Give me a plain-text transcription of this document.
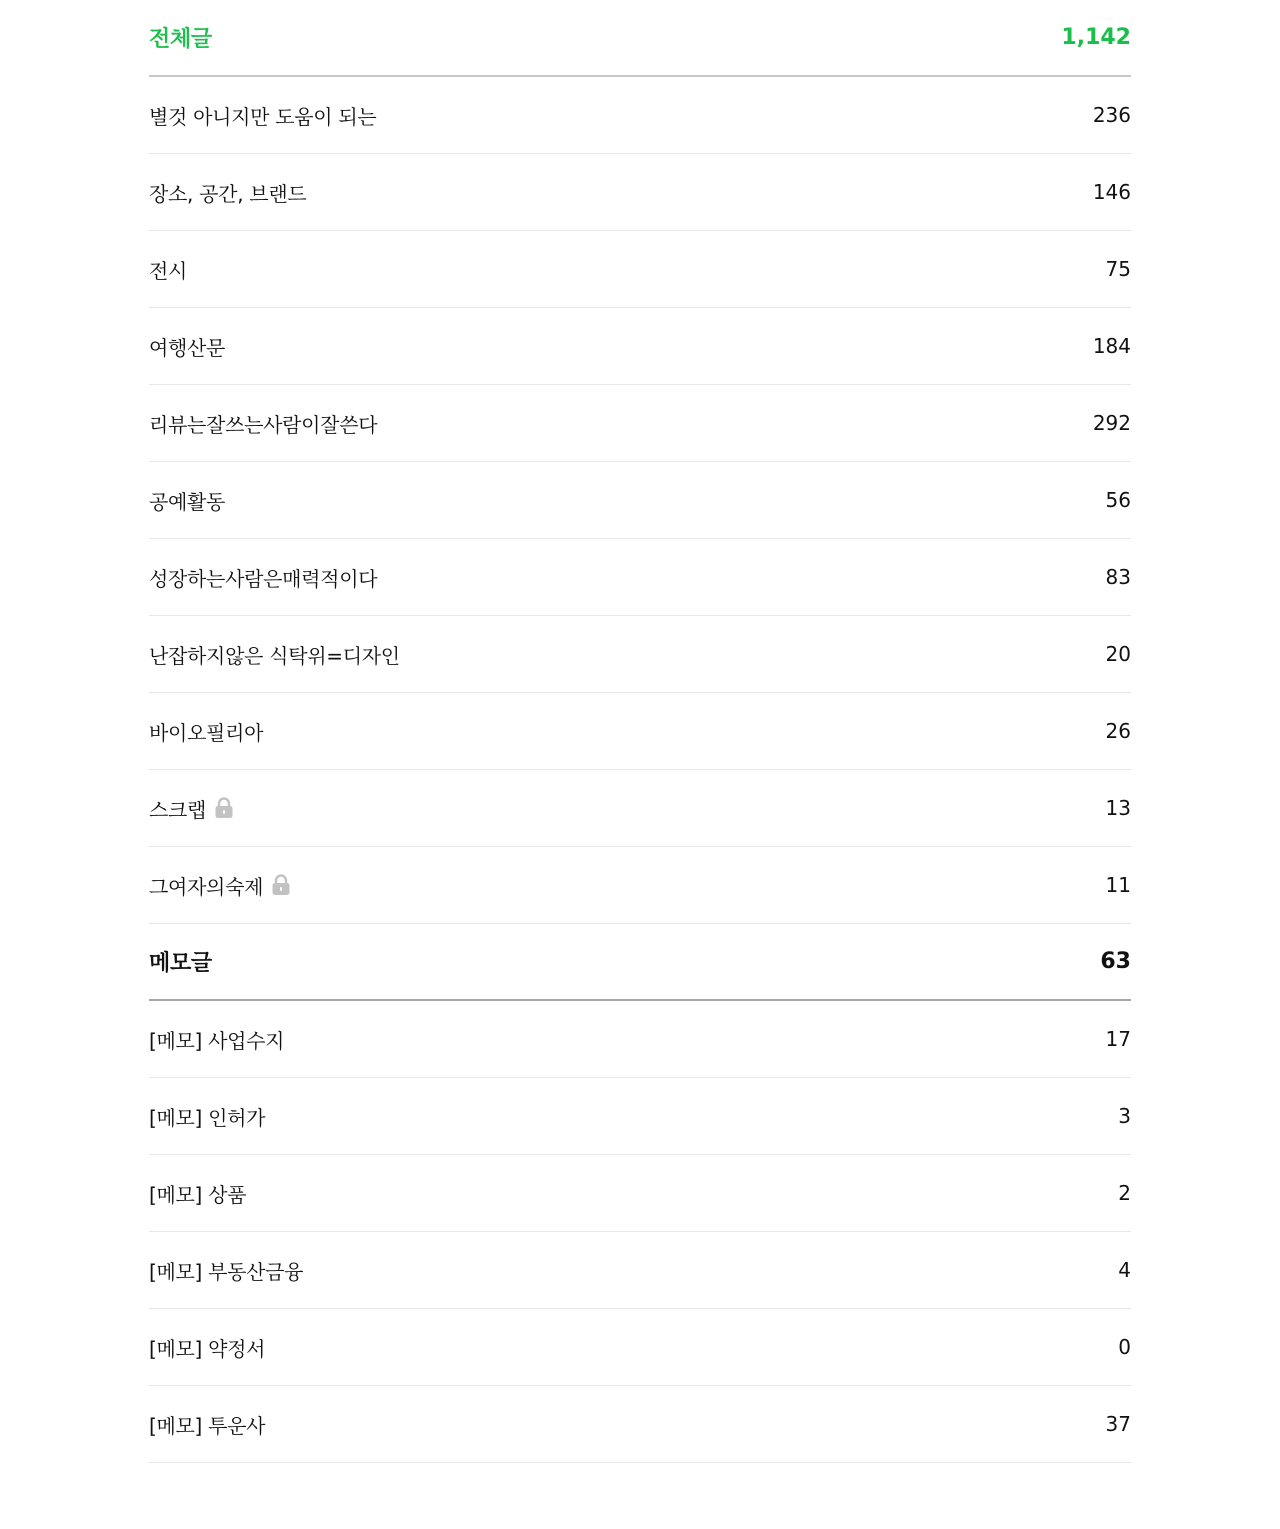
전체글	1,142
별것 아니지만 도움이 되는	236
장소, 공간, 브랜드	146
전시	75
여행산문	184
리뷰는잘쓰는사람이잘쓴다	292
공예활동	56
성장하는사람은매력적이다	83
난잡하지않은 식탁위=디자인	20
바이오필리아	26
스크랩	13
그여자의숙제	11
메모글	63
[메모] 사업수지	17
[메모] 인허가	3
[메모] 상품	2
[메모] 부동산금융	4
[메모] 약정서	0
[메모] 투운사	37
